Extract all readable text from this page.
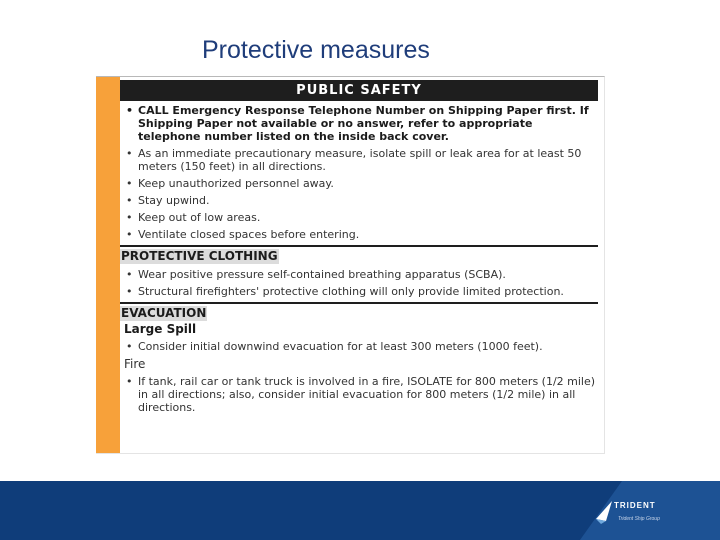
Protective measures
PUBLIC SAFETY
• CALL Emergency Response Telephone Number on Shipping Paper first. If Shipping Paper not available or no answer, refer to appropriate telephone number listed on the inside back cover.
• As an immediate precautionary measure, isolate spill or leak area for at least 50 meters (150 feet) in all directions.
• Keep unauthorized personnel away.
• Stay upwind.
• Keep out of low areas.
• Ventilate closed spaces before entering.
PROTECTIVE CLOTHING
• Wear positive pressure self-contained breathing apparatus (SCBA).
• Structural firefighters' protective clothing will only provide limited protection.
EVACUATION
Large Spill
• Consider initial downwind evacuation for at least 300 meters (1000 feet).
Fire
• If tank, rail car or tank truck is involved in a fire, ISOLATE for 800 meters (1/2 mile) in all directions; also, consider initial evacuation for 800 meters (1/2 mile) in all directions.
TRIDENT
Trident Ship Group
